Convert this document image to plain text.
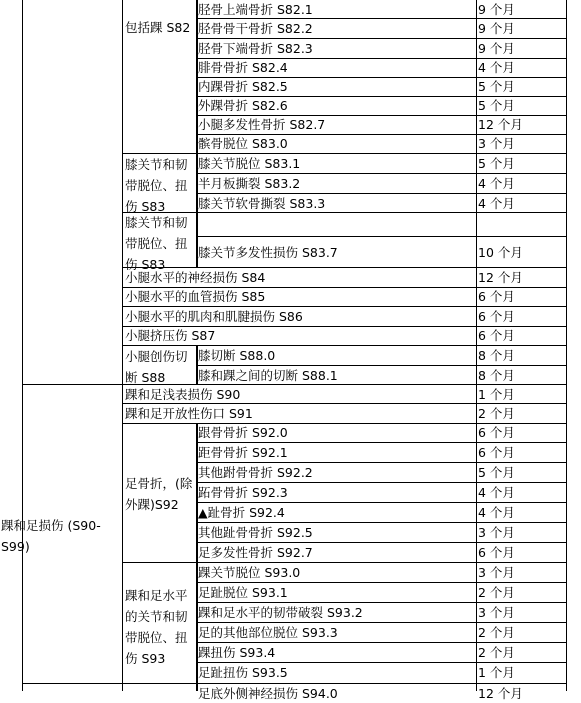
包括踝 S82
膝关节和韧带脱位、扭伤 S83
膝关节和韧带脱位、扭伤 S83
小腿水平的神经损伤 S84
小腿水平的血管损伤 S85
小腿水平的肌肉和肌腱损伤 S86
小腿挤压伤 S87
小腿创伤切断 S88
踝和足损伤 (S90-S99)
踝和足浅表损伤 S90
踝和足开放性伤口 S91
足骨折，(除外踝)S92
踝和足水平的关节和韧带脱位、扭伤 S93
胫骨上端骨折 S82.1
胫骨骨干骨折 S82.2
胫骨下端骨折 S82.3
腓骨骨折 S82.4
内踝骨折 S82.5
外踝骨折 S82.6
小腿多发性骨折 S82.7
髌骨脱位 S83.0
膝关节脱位 S83.1
半月板撕裂 S83.2
膝关节软骨撕裂 S83.3
膝关节多发性损伤 S83.7
膝切断 S88.0
膝和踝之间的切断 S88.1
跟骨骨折 S92.0
距骨骨折 S92.1
其他跗骨骨折 S92.2
跖骨骨折 S92.3
▲趾骨折 S92.4
其他趾骨骨折 S92.5
足多发性骨折 S92.7
踝关节脱位 S93.0
足趾脱位 S93.1
踝和足水平的韧带破裂 S93.2
足的其他部位脱位 S93.3
踝扭伤 S93.4
足趾扭伤 S93.5
足底外侧神经损伤 S94.0
9 个月
9 个月
9 个月
4 个月
5 个月
5 个月
12 个月
3 个月
5 个月
4 个月
4 个月
10 个月
12 个月
6 个月
6 个月
6 个月
8 个月
8 个月
1 个月
2 个月
6 个月
6 个月
5 个月
4 个月
4 个月
3 个月
6 个月
3 个月
2 个月
3 个月
2 个月
2 个月
1 个月
12 个月
